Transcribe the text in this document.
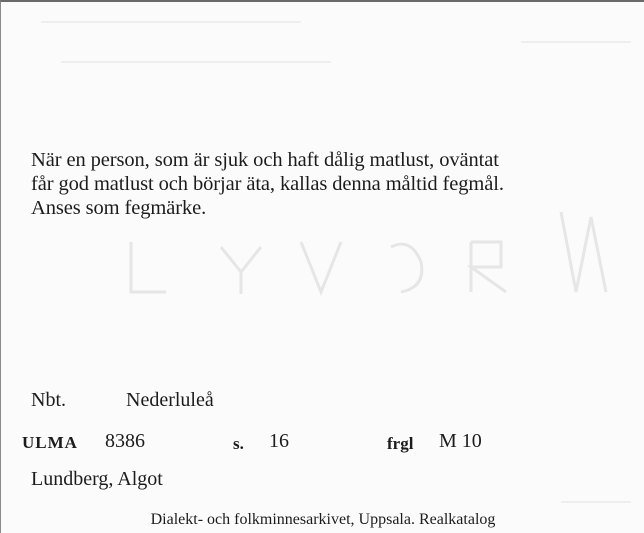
När en person, som är sjuk och haft dålig matlust, oväntat
får god matlust och börjar äta, kallas denna måltid fegmål.
Anses som fegmärke.
Nbt.	Nederluleå
ULMA 8386	s. 16	frgl M 10
Lundberg, Algot
Dialekt- och folkminnesarkivet, Uppsala. Realkatalog
